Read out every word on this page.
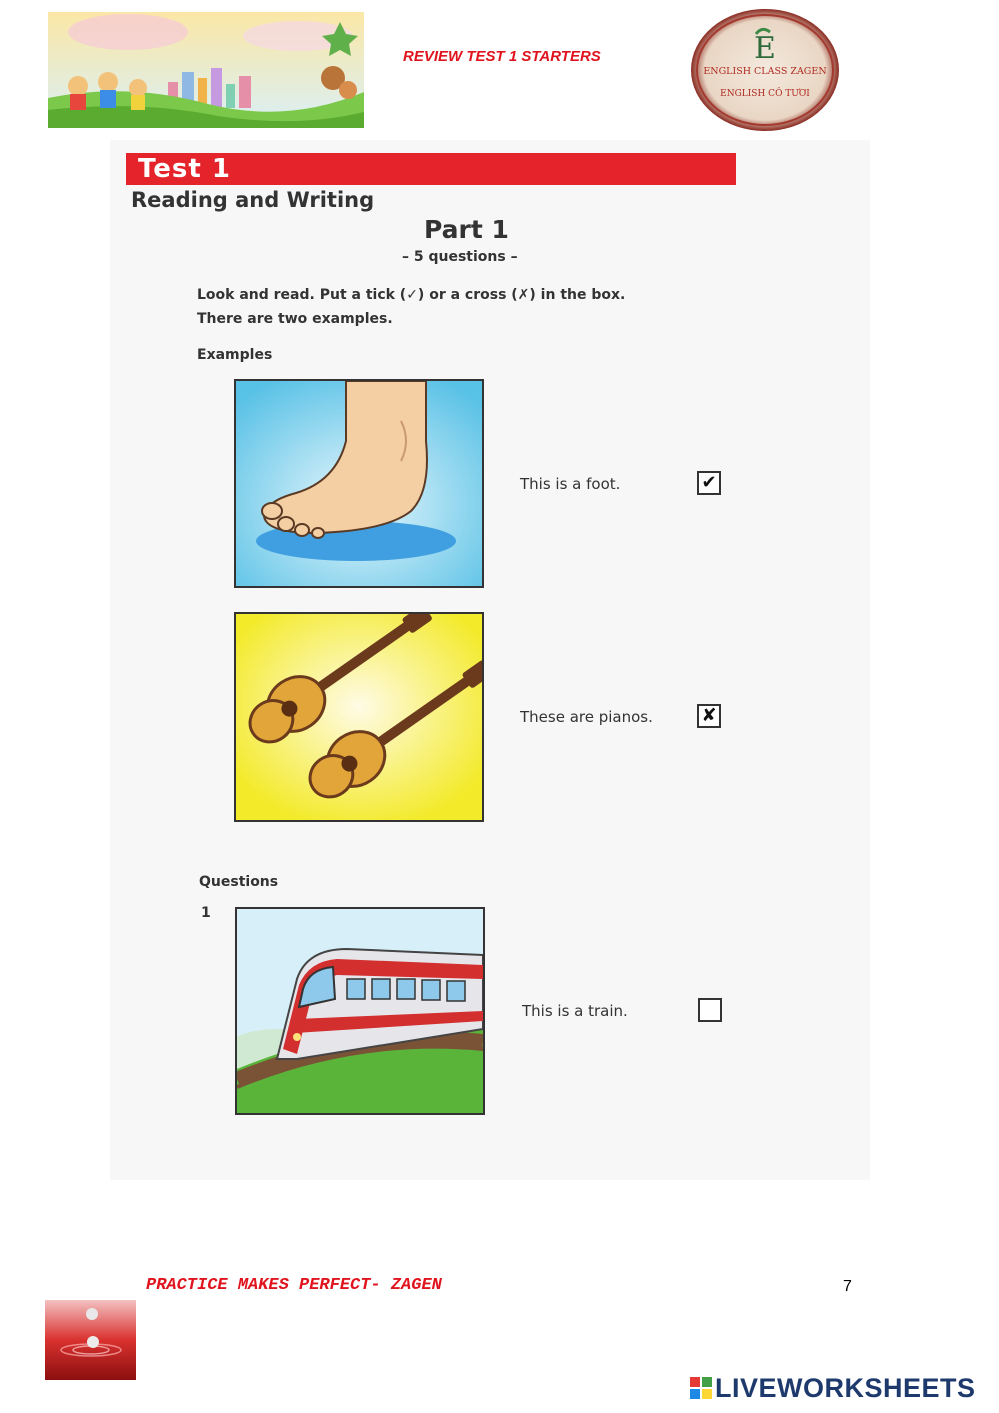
REVIEW TEST 1 STARTERS	E
ENGLISH CLASS ZAGEN
ENGLISH CÔ TƯƠI
Test 1
Reading and Writing
Part 1
– 5 questions –
Look and read. Put a tick (✓) or a cross (✗) in the box.
There are two examples.
Examples
This is a foot.	✔
These are pianos.	✘
Questions
1
This is a train.
PRACTICE MAKES PERFECT- ZAGEN	7
LIVEWORKSHEETS
